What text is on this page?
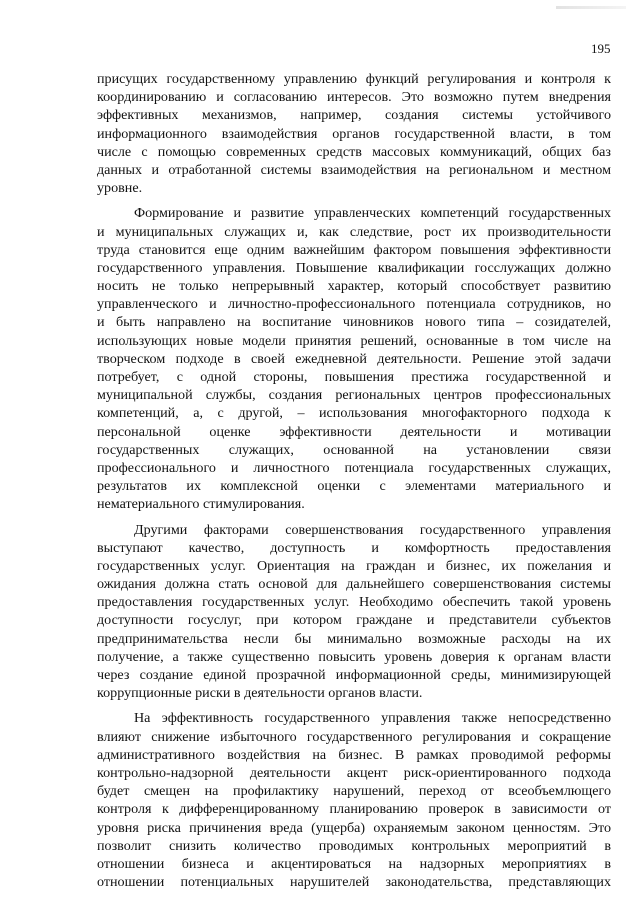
195
присущих государственному управлению функций регулирования и контроля к
координированию и согласованию интересов. Это возможно путем внедрения
эффективных механизмов, например, создания системы устойчивого
информационного взаимодействия органов государственной власти, в том
числе с помощью современных средств массовых коммуникаций, общих баз
данных и отработанной системы взаимодействия на региональном и местном
уровне.
Формирование и развитие управленческих компетенций государственных
и муниципальных служащих и, как следствие, рост их производительности
труда становится еще одним важнейшим фактором повышения эффективности
государственного управления. Повышение квалификации госслужащих должно
носить не только непрерывный характер, который способствует развитию
управленческого и личностно-профессионального потенциала сотрудников, но
и быть направлено на воспитание чиновников нового типа – созидателей,
использующих новые модели принятия решений, основанные в том числе на
творческом подходе в своей ежедневной деятельности. Решение этой задачи
потребует, с одной стороны, повышения престижа государственной и
муниципальной службы, создания региональных центров профессиональных
компетенций, а, с другой, – использования многофакторного подхода к
персональной оценке эффективности деятельности и мотивации
государственных служащих, основанной на установлении связи
профессионального и личностного потенциала государственных служащих,
результатов их комплексной оценки с элементами материального и
нематериального стимулирования.
Другими факторами совершенствования государственного управления
выступают качество, доступность и комфортность предоставления
государственных услуг. Ориентация на граждан и бизнес, их пожелания и
ожидания должна стать основой для дальнейшего совершенствования системы
предоставления государственных услуг. Необходимо обеспечить такой уровень
доступности госуслуг, при котором граждане и представители субъектов
предпринимательства несли бы минимально возможные расходы на их
получение, а также существенно повысить уровень доверия к органам власти
через создание единой прозрачной информационной среды, минимизирующей
коррупционные риски в деятельности органов власти.
На эффективность государственного управления также непосредственно
влияют снижение избыточного государственного регулирования и сокращение
административного воздействия на бизнес. В рамках проводимой реформы
контрольно-надзорной деятельности акцент риск-ориентированного подхода
будет смещен на профилактику нарушений, переход от всеобъемлющего
контроля к дифференцированному планированию проверок в зависимости от
уровня риска причинения вреда (ущерба) охраняемым законом ценностям. Это
позволит снизить количество проводимых контрольных мероприятий в
отношении бизнеса и акцентироваться на надзорных мероприятиях в
отношении потенциальных нарушителей законодательства, представляющих
